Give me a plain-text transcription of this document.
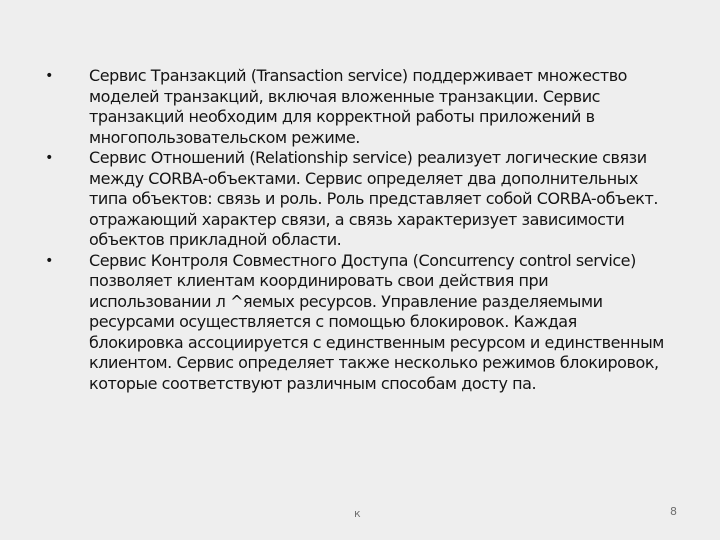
• Сервис Транзакций (Transaction service) поддерживает множество моделей транзакций, включая вложенные транзакции. Сервис транзакций необходим для корректной работы приложений в многопользовательском режиме.
• Сервис Отношений (Relationship service) реализует логические связи между CORBA-объектами. Сервис определяет два дополнительных типа объектов: связь и роль. Роль представляет собой CORBA-объект. отражающий характер связи, а связь характеризует зависимости объектов прикладной области.
• Сервис Контроля Совместного Доступа (Concurrency control service) позволяет клиентам координировать свои действия при использовании л ^яемых ресурсов. Управление разделяемыми ресурсами осуществляется с помощью блокировок. Каждая блокировка ассоциируется с единственным ресурсом и единственным клиентом. Сервис определяет также несколько режимов блокировок, которые соответствуют различным способам досту па.
к	8
